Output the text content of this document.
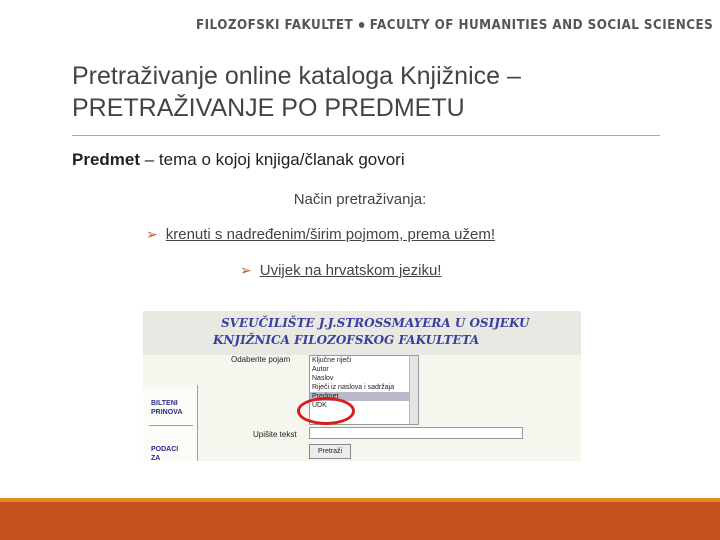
FILOZOFSKI FAKULTET FACULTY OF HUMANITIES AND SOCIAL SCIENCES
Pretraživanje online kataloga Knjižnice –
PRETRAŽIVANJE PO PREDMETU
Predmet – tema o kojoj knjiga/članak govori
Način pretraživanja:
➢ krenuti s nadređenim/širim pojmom, prema užem!
➢ Uvijek na hrvatskom jeziku!
SVEUČILIŠTE J.J.STROSSMAYERA U OSIJEKU
KNJIŽNICA FILOZOFSKOG FAKULTETA
BILTENI
PRINOVA
PODACI
ZA
Odaberite pojam	Ključne riječi
Autor
Naslov
Riječi iz naslova i sadržaja
Predmet
UDK
Upišite tekst
Pretraži
